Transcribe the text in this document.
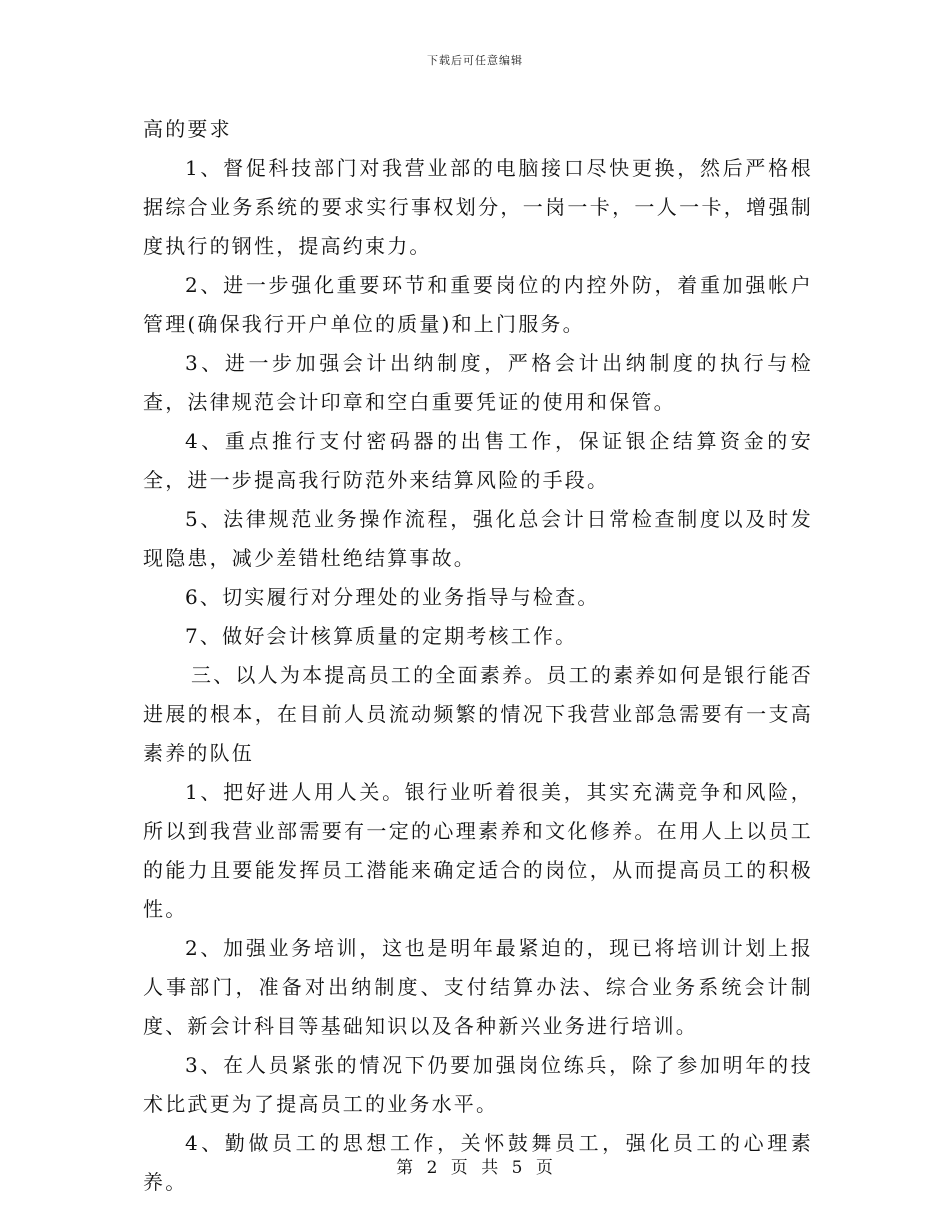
下载后可任意编辑

高的要求

1、督促科技部门对我营业部的电脑接口尽快更换，然后严格根据综合业务系统的要求实行事权划分，一岗一卡，一人一卡，增强制度执行的钢性，提高约束力。

2、进一步强化重要环节和重要岗位的内控外防，着重加强帐户管理(确保我行开户单位的质量)和上门服务。

3、进一步加强会计出纳制度，严格会计出纳制度的执行与检查，法律规范会计印章和空白重要凭证的使用和保管。

4、重点推行支付密码器的出售工作，保证银企结算资金的安全，进一步提高我行防范外来结算风险的手段。

5、法律规范业务操作流程，强化总会计日常检查制度以及时发现隐患，减少差错杜绝结算事故。

6、切实履行对分理处的业务指导与检查。

7、做好会计核算质量的定期考核工作。

三、以人为本提高员工的全面素养。员工的素养如何是银行能否进展的根本，在目前人员流动频繁的情况下我营业部急需要有一支高素养的队伍

1、把好进人用人关。银行业听着很美，其实充满竞争和风险，所以到我营业部需要有一定的心理素养和文化修养。在用人上以员工的能力且要能发挥员工潜能来确定适合的岗位，从而提高员工的积极性。

2、加强业务培训，这也是明年最紧迫的，现已将培训计划上报人事部门，准备对出纳制度、支付结算办法、综合业务系统会计制度、新会计科目等基础知识以及各种新兴业务进行培训。

3、在人员紧张的情况下仍要加强岗位练兵，除了参加明年的技术比武更为了提高员工的业务水平。

4、勤做员工的思想工作，关怀鼓舞员工，强化员工的心理素养。

第 2 页 共 5 页
